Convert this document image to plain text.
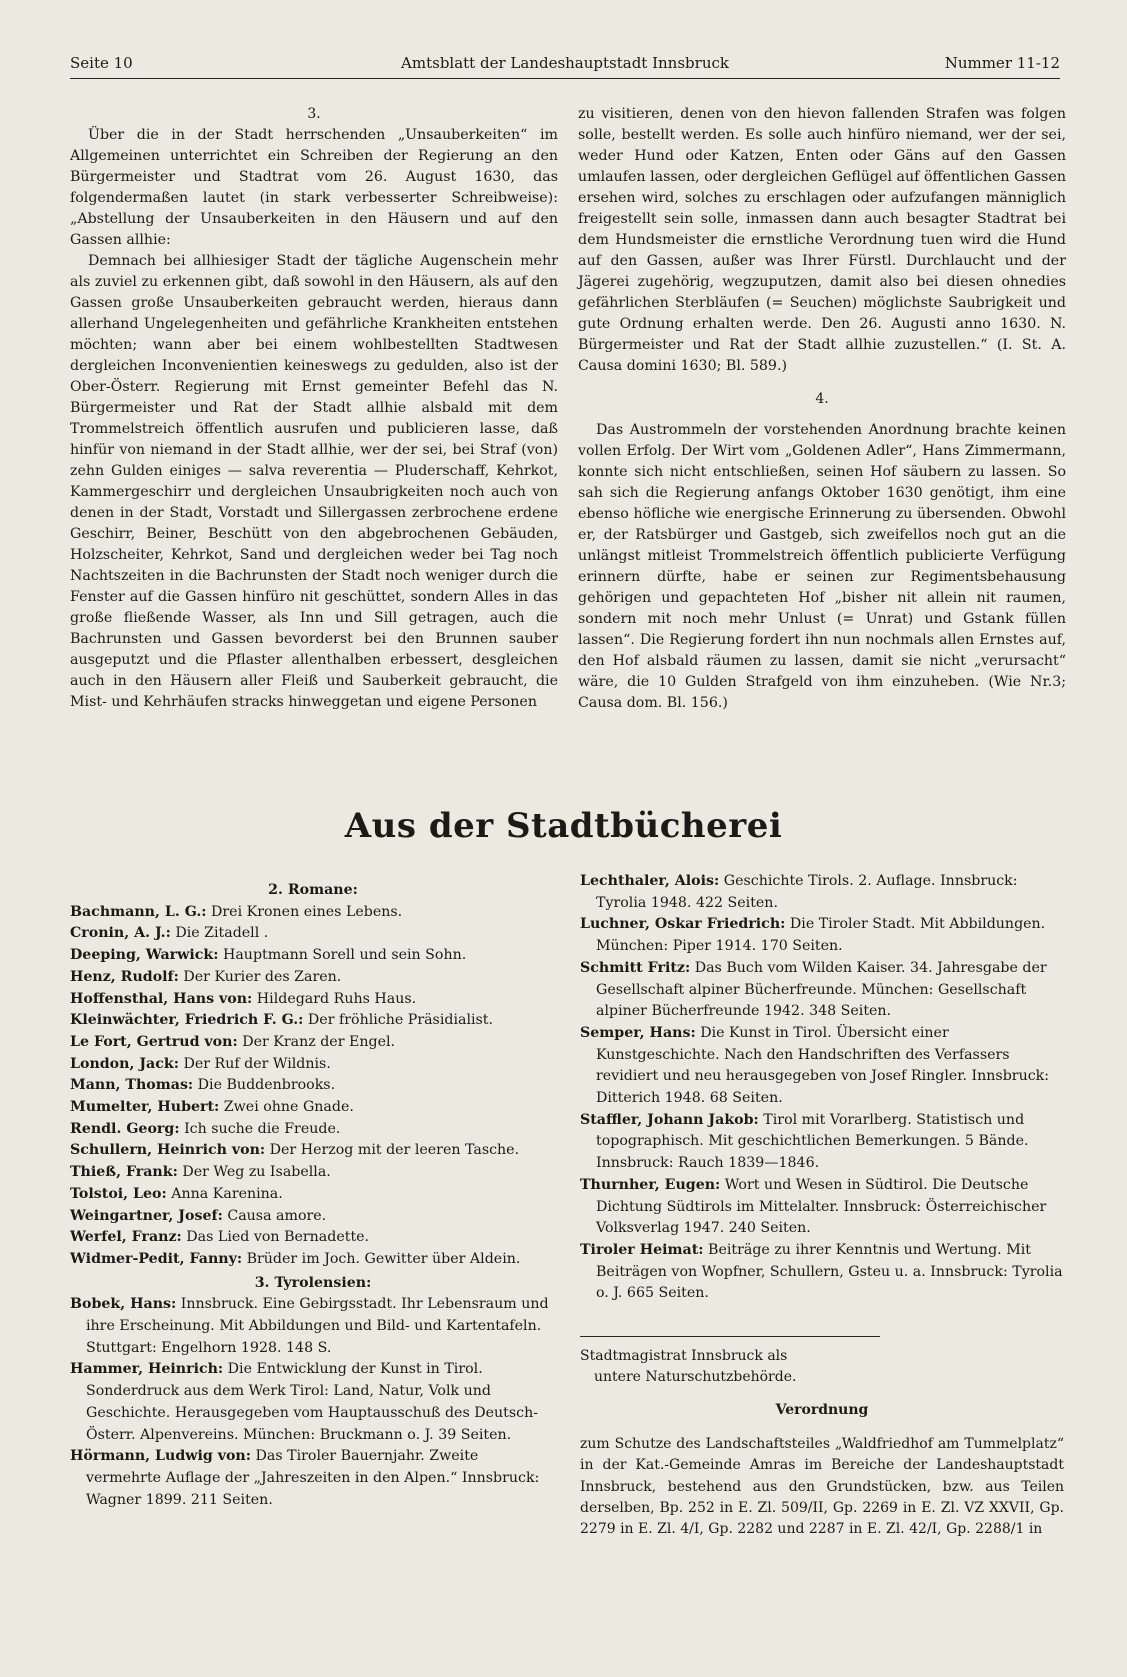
Seite 10	Amtsblatt der Landeshauptstadt Innsbruck	Nummer 11-12

3.

Über die in der Stadt herrschenden „Unsauberkeiten“ im Allgemeinen unterrichtet ein Schreiben der Regierung an den Bürgermeister und Stadtrat vom 26. August 1630, das folgendermaßen lautet (in stark verbesserter Schreibweise): „Abstellung der Unsauberkeiten in den Häusern und auf den Gassen allhie:

Demnach bei allhiesiger Stadt der tägliche Augenschein mehr als zuviel zu erkennen gibt, daß sowohl in den Häusern, als auf den Gassen große Unsauberkeiten gebraucht werden, hieraus dann allerhand Ungelegenheiten und gefährliche Krankheiten entstehen möchten; wann aber bei einem wohlbestellten Stadtwesen dergleichen Inconvenientien keineswegs zu gedulden, also ist der Ober-Österr. Regierung mit Ernst gemeinter Befehl das N. Bürgermeister und Rat der Stadt allhie alsbald mit dem Trommelstreich öffentlich ausrufen und publicieren lasse, daß hinfür von niemand in der Stadt allhie, wer der sei, bei Straf (von) zehn Gulden einiges — salva reverentia — Pluderschaff, Kehrkot, Kammergeschirr und dergleichen Unsaubrigkeiten noch auch von denen in der Stadt, Vorstadt und Sillergassen zerbrochene erdene Geschirr, Beiner, Beschütt von den abgebrochenen Gebäuden, Holzscheiter, Kehrkot, Sand und dergleichen weder bei Tag noch Nachtszeiten in die Bachrunsten der Stadt noch weniger durch die Fenster auf die Gassen hinfüro nit geschüttet, sondern Alles in das große fließende Wasser, als Inn und Sill getragen, auch die Bachrunsten und Gassen bevorderst bei den Brunnen sauber ausgeputzt und die Pflaster allenthalben erbessert, desgleichen auch in den Häusern aller Fleiß und Sauberkeit gebraucht, die Mist- und Kehrhäufen stracks hinweggetan und eigene Personen

zu visitieren, denen von den hievon fallenden Strafen was folgen solle, bestellt werden. Es solle auch hinfüro niemand, wer der sei, weder Hund oder Katzen, Enten oder Gäns auf den Gassen umlaufen lassen, oder dergleichen Geflügel auf öffentlichen Gassen ersehen wird, solches zu erschlagen oder aufzufangen männiglich freigestellt sein solle, inmassen dann auch besagter Stadtrat bei dem Hundsmeister die ernstliche Verordnung tuen wird die Hund auf den Gassen, außer was Ihrer Fürstl. Durchlaucht und der Jägerei zugehörig, wegzuputzen, damit also bei diesen ohnedies gefährlichen Sterbläufen (= Seuchen) möglichste Saubrigkeit und gute Ordnung erhalten werde. Den 26. Augusti anno 1630. N. Bürgermeister und Rat der Stadt allhie zuzustellen.“ (I. St. A. Causa domini 1630; Bl. 589.)

4.

Das Austrommeln der vorstehenden Anordnung brachte keinen vollen Erfolg. Der Wirt vom „Goldenen Adler“, Hans Zimmermann, konnte sich nicht entschließen, seinen Hof säubern zu lassen. So sah sich die Regierung anfangs Oktober 1630 genötigt, ihm eine ebenso höfliche wie energische Erinnerung zu übersenden. Obwohl er, der Ratsbürger und Gastgeb, sich zweifellos noch gut an die unlängst mitleist Trommelstreich öffentlich publicierte Verfügung erinnern dürfte, habe er seinen zur Regimentsbehausung gehörigen und gepachteten Hof „bisher nit allein nit raumen, sondern mit noch mehr Unlust (= Unrat) und Gstank füllen lassen“. Die Regierung fordert ihn nun nochmals allen Ernstes auf, den Hof alsbald räumen zu lassen, damit sie nicht „verursacht“ wäre, die 10 Gulden Strafgeld von ihm einzuheben. (Wie Nr.3; Causa dom. Bl. 156.)

Aus der Stadtbücherei

2. Romane:

Bachmann, L. G.: Drei Kronen eines Lebens.

Cronin, A. J.: Die Zitadell .

Deeping, Warwick: Hauptmann Sorell und sein Sohn.

Henz, Rudolf: Der Kurier des Zaren.

Hoffensthal, Hans von: Hildegard Ruhs Haus.

Kleinwächter, Friedrich F. G.: Der fröhliche Präsidialist.

Le Fort, Gertrud von: Der Kranz der Engel.

London, Jack: Der Ruf der Wildnis.

Mann, Thomas: Die Buddenbrooks.

Mumelter, Hubert: Zwei ohne Gnade.

Rendl. Georg: Ich suche die Freude.

Schullern, Heinrich von: Der Herzog mit der leeren Tasche.

Thieß, Frank: Der Weg zu Isabella.

Tolstoi, Leo: Anna Karenina.

Weingartner, Josef: Causa amore.

Werfel, Franz: Das Lied von Bernadette.

Widmer-Pedit, Fanny: Brüder im Joch. Gewitter über Aldein.

3. Tyrolensien:

Bobek, Hans: Innsbruck. Eine Gebirgsstadt. Ihr Lebensraum und ihre Erscheinung. Mit Abbildungen und Bild- und Kartentafeln. Stuttgart: Engelhorn 1928. 148 S.

Hammer, Heinrich: Die Entwicklung der Kunst in Tirol. Sonderdruck aus dem Werk Tirol: Land, Natur, Volk und Geschichte. Herausgegeben vom Hauptausschuß des Deutsch-Österr. Alpenvereins. München: Bruckmann o. J. 39 Seiten.

Hörmann, Ludwig von: Das Tiroler Bauernjahr. Zweite vermehrte Auflage der „Jahreszeiten in den Alpen.“ Innsbruck: Wagner 1899. 211 Seiten.

Lechthaler, Alois: Geschichte Tirols. 2. Auflage. Innsbruck: Tyrolia 1948. 422 Seiten.

Luchner, Oskar Friedrich: Die Tiroler Stadt. Mit Abbildungen. München: Piper 1914. 170 Seiten.

Schmitt Fritz: Das Buch vom Wilden Kaiser. 34. Jahresgabe der Gesellschaft alpiner Bücherfreunde. München: Gesellschaft alpiner Bücherfreunde 1942. 348 Seiten.

Semper, Hans: Die Kunst in Tirol. Übersicht einer Kunstgeschichte. Nach den Handschriften des Verfassers revidiert und neu herausgegeben von Josef Ringler. Innsbruck: Ditterich 1948. 68 Seiten.

Staffler, Johann Jakob: Tirol mit Vorarlberg. Statistisch und topographisch. Mit geschichtlichen Bemerkungen. 5 Bände. Innsbruck: Rauch 1839—1846.

Thurnher, Eugen: Wort und Wesen in Südtirol. Die Deutsche Dichtung Südtirols im Mittelalter. Innsbruck: Österreichischer Volksverlag 1947. 240 Seiten.

Tiroler Heimat: Beiträge zu ihrer Kenntnis und Wertung. Mit Beiträgen von Wopfner, Schullern, Gsteu u. a. Innsbruck: Tyrolia o. J. 665 Seiten.

Stadtmagistrat Innsbruck als
untere Naturschutzbehörde.
Verordnung
zum Schutze des Landschaftsteiles „Waldfriedhof am Tummelplatz“ in der Kat.-Gemeinde Amras im Bereiche der Landeshauptstadt Innsbruck, bestehend aus den Grundstücken, bzw. aus Teilen derselben, Bp. 252 in E. Zl. 509/II, Gp. 2269 in E. Zl. VZ XXVII, Gp. 2279 in E. Zl. 4/I, Gp. 2282 und 2287 in E. Zl. 42/I, Gp. 2288/1 in
